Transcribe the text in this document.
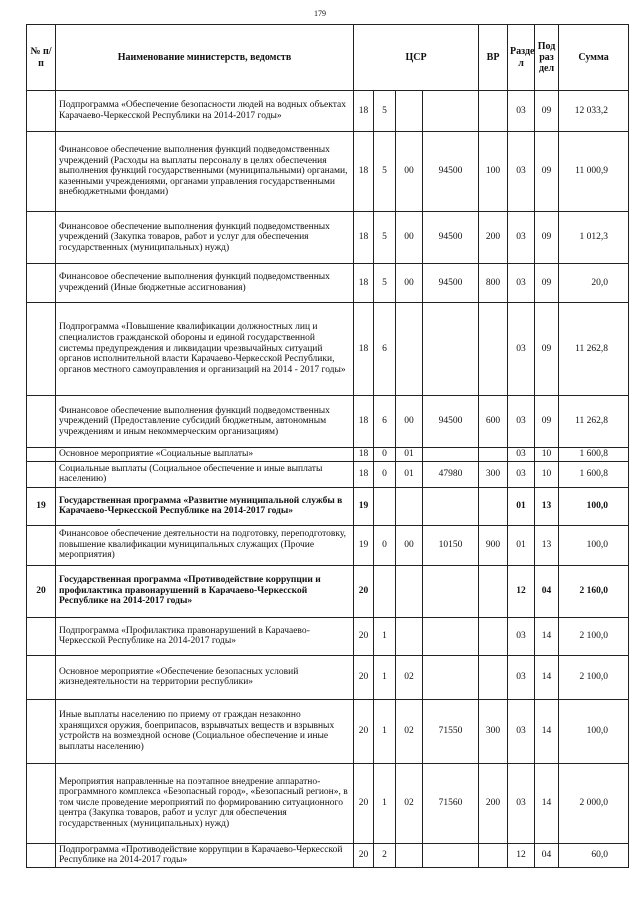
179
№ п/п	Наименование министерств, ведомств	ЦСР				ВР	Разде л	Под раз дел	Сумма
	Подпрограмма «Обеспечение безопасности людей на водных объектах Карачаево-Черкесской Республики на 2014-2017 годы»	18	5				03	09	12 033,2
	Финансовое обеспечение выполнения функций подведомственных учреждений (Расходы на выплаты персоналу в целях обеспечения выполнения функций государственными (муниципальными) органами, казенными учреждениями, органами управления государственными внебюджетными фондами)	18	5	00	94500	100	03	09	11 000,9
	Финансовое обеспечение выполнения функций подведомственных учреждений (Закупка товаров, работ и услуг для обеспечения государственных (муниципальных) нужд)	18	5	00	94500	200	03	09	1 012,3
	Финансовое обеспечение выполнения функций подведомственных учреждений (Иные бюджетные ассигнования)	18	5	00	94500	800	03	09	20,0
	Подпрограмма «Повышение квалификации должностных лиц и специалистов гражданской обороны и единой государственной системы предупреждения и ликвидации чрезвычайных ситуаций органов исполнительной власти Карачаево-Черкесской Республики, органов местного самоуправления и организаций на 2014 - 2017 годы»	18	6				03	09	11 262,8
	Финансовое обеспечение выполнения функций подведомственных учреждений (Предоставление субсидий бюджетным, автономным учреждениям и иным некоммерческим организациям)	18	6	00	94500	600	03	09	11 262,8
	Основное мероприятие «Социальные выплаты»	18	0	01			03	10	1 600,8
	Социальные выплаты (Социальное обеспечение и иные выплаты населению)	18	0	01	47980	300	03	10	1 600,8
19	Государственная программа «Развитие муниципальной службы в Карачаево-Черкесской Республике на 2014-2017 годы»	19					01	13	100,0
	Финансовое обеспечение деятельности на подготовку, переподготовку, повышение квалификации муниципальных служащих (Прочие мероприятия)	19	0	00	10150	900	01	13	100,0
20	Государственная программа «Противодействие коррупции и профилактика правонарушений в Карачаево-Черкесской Республике на 2014-2017 годы»	20					12	04	2 160,0
	Подпрограмма «Профилактика правонарушений в Карачаево-Черкесской Республике на 2014-2017 годы»	20	1				03	14	2 100,0
	Основное мероприятие «Обеспечение безопасных условий жизнедеятельности на территории республики»	20	1	02			03	14	2 100,0
	Иные выплаты населению по приему от граждан незаконно хранящихся оружия, боеприпасов, взрывчатых веществ и взрывных устройств на возмездной основе (Социальное обеспечение и иные выплаты населению)	20	1	02	71550	300	03	14	100,0
	Мероприятия направленные на поэтапное внедрение аппаратно- программного комплекса «Безопасный город», «Безопасный регион», в том числе проведение мероприятий по формированию ситуационного центра (Закупка товаров, работ и услуг для обеспечения государственных (муниципальных) нужд)	20	1	02	71560	200	03	14	2 000,0
	Подпрограмма «Противодействие коррупции в Карачаево-Черкесской Республике на 2014-2017 годы»	20	2				12	04	60,0
